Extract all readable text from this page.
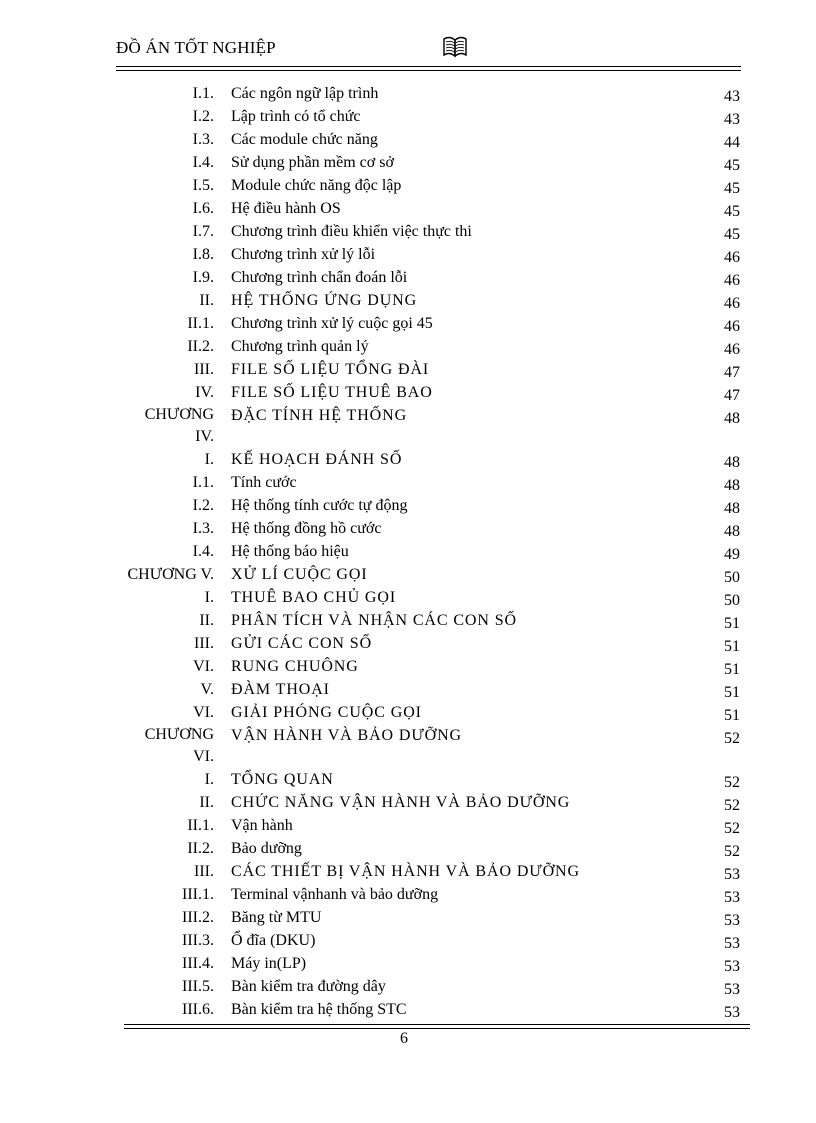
ĐỒ ÁN TỐT NGHIỆP
I.1. Các ngôn ngữ lập trình	43
I.2. Lập trình có tổ chức	43
I.3. Các module chức năng	44
I.4. Sử dụng phần mềm cơ sở	45
I.5. Module chức năng độc lập	45
I.6. Hệ điều hành OS	45
I.7. Chương trình điều khiển việc thực thi	45
I.8. Chương trình xử lý lỗi	46
I.9. Chương trình chẩn đoán lỗi	46
II. HỆ THỐNG ỨNG DỤNG	46
II.1. Chương trình xử lý cuộc gọi 45	46
II.2. Chương trình quản lý	46
III. FILE SỐ LIỆU TỔNG ĐÀI	47
IV. FILE SỐ LIỆU THUÊ BAO	47
CHƯƠNG
IV.
ĐẶC TÍNH HỆ THỐNG	48
I. KẾ HOẠCH ĐÁNH SỐ	48
I.1. Tính cước	48
I.2. Hệ thống tính cước tự động	48
I.3. Hệ thống đồng hồ cước	48
I.4. Hệ thống báo hiệu	49
CHƯƠNG V. XỬ LÍ CUỘC GỌI	50
I. THUÊ BAO CHỦ GỌI	50
II. PHÂN TÍCH VÀ NHẬN CÁC CON SỐ	51
III. GỬI CÁC CON SỐ	51
VI. RUNG CHUÔNG	51
V. ĐÀM THOẠI	51
VI. GIẢI PHÓNG CUỘC GỌI	51
CHƯƠNG
VI.
VẬN HÀNH VÀ BẢO DƯỠNG	52
I. TỔNG QUAN	52
II. CHỨC NĂNG VẬN HÀNH VÀ BẢO DƯỠNG	52
II.1. Vận hành	52
II.2. Bảo dưỡng	52
III. CÁC THIẾT BỊ VẬN HÀNH VÀ BẢO DƯỠNG	53
III.1. Terminal vậnhanh và bảo dưỡng	53
III.2. Băng từ MTU	53
III.3. Ổ đĩa (DKU)	53
III.4. Máy in(LP)	53
III.5. Bàn kiểm tra đường dây	53
III.6. Bàn kiểm tra hệ thống STC	53
6
